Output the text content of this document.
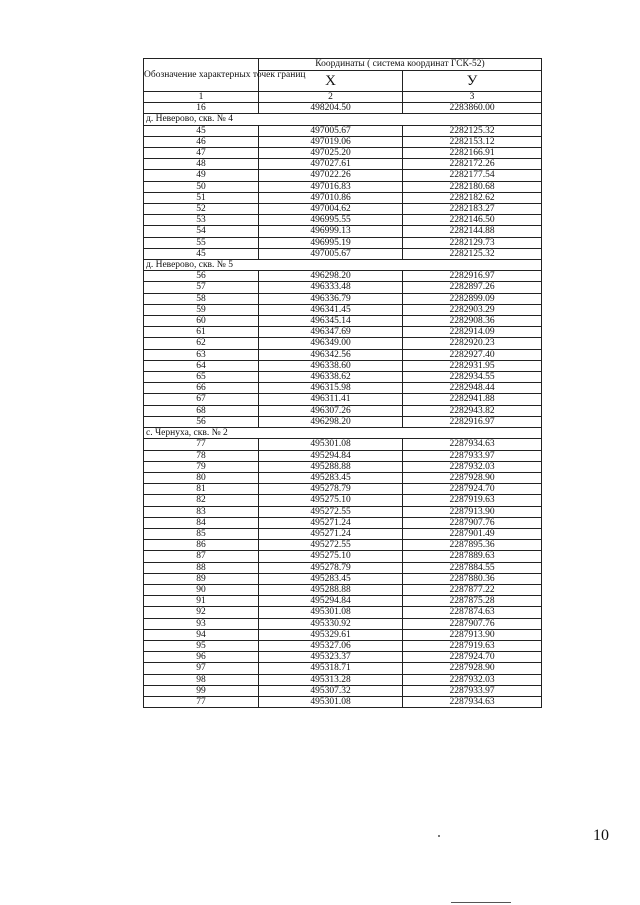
Обозначение характерных точек границ	Координаты ( система координат ГСК-52)	
	X	У
1	2	3
16	498204.50	2283860.00
д. Неверово, скв. № 4		
45	497005.67	2282125.32
46	497019.06	2282153.12
47	497025.20	2282166.91
48	497027.61	2282172.26
49	497022.26	2282177.54
50	497016.83	2282180.68
51	497010.86	2282182.62
52	497004.62	2282183.27
53	496995.55	2282146.50
54	496999.13	2282144.88
55	496995.19	2282129.73
45	497005.67	2282125.32
д. Неверово, скв. № 5		
56	496298.20	2282916.97
57	496333.48	2282897.26
58	496336.79	2282899.09
59	496341.45	2282903.29
60	496345.14	2282908.36
61	496347.69	2282914.09
62	496349.00	2282920.23
63	496342.56	2282927.40
64	496338.60	2282931.95
65	496338.62	2282934.55
66	496315.98	2282948.44
67	496311.41	2282941.88
68	496307.26	2282943.82
56	496298.20	2282916.97
с. Чернуха, скв. № 2		
77	495301.08	2287934.63
78	495294.84	2287933.97
79	495288.88	2287932.03
80	495283.45	2287928.90
81	495278.79	2287924.70
82	495275.10	2287919.63
83	495272.55	2287913.90
84	495271.24	2287907.76
85	495271.24	2287901.49
86	495272.55	2287895.36
87	495275.10	2287889.63
88	495278.79	2287884.55
89	495283.45	2287880.36
90	495288.88	2287877.22
91	495294.84	2287875.28
92	495301.08	2287874.63
93	495330.92	2287907.76
94	495329.61	2287913.90
95	495327.06	2287919.63
96	495323.37	2287924.70
97	495318.71	2287928.90
98	495313.28	2287932.03
99	495307.32	2287933.97
77	495301.08	2287934.63
10
